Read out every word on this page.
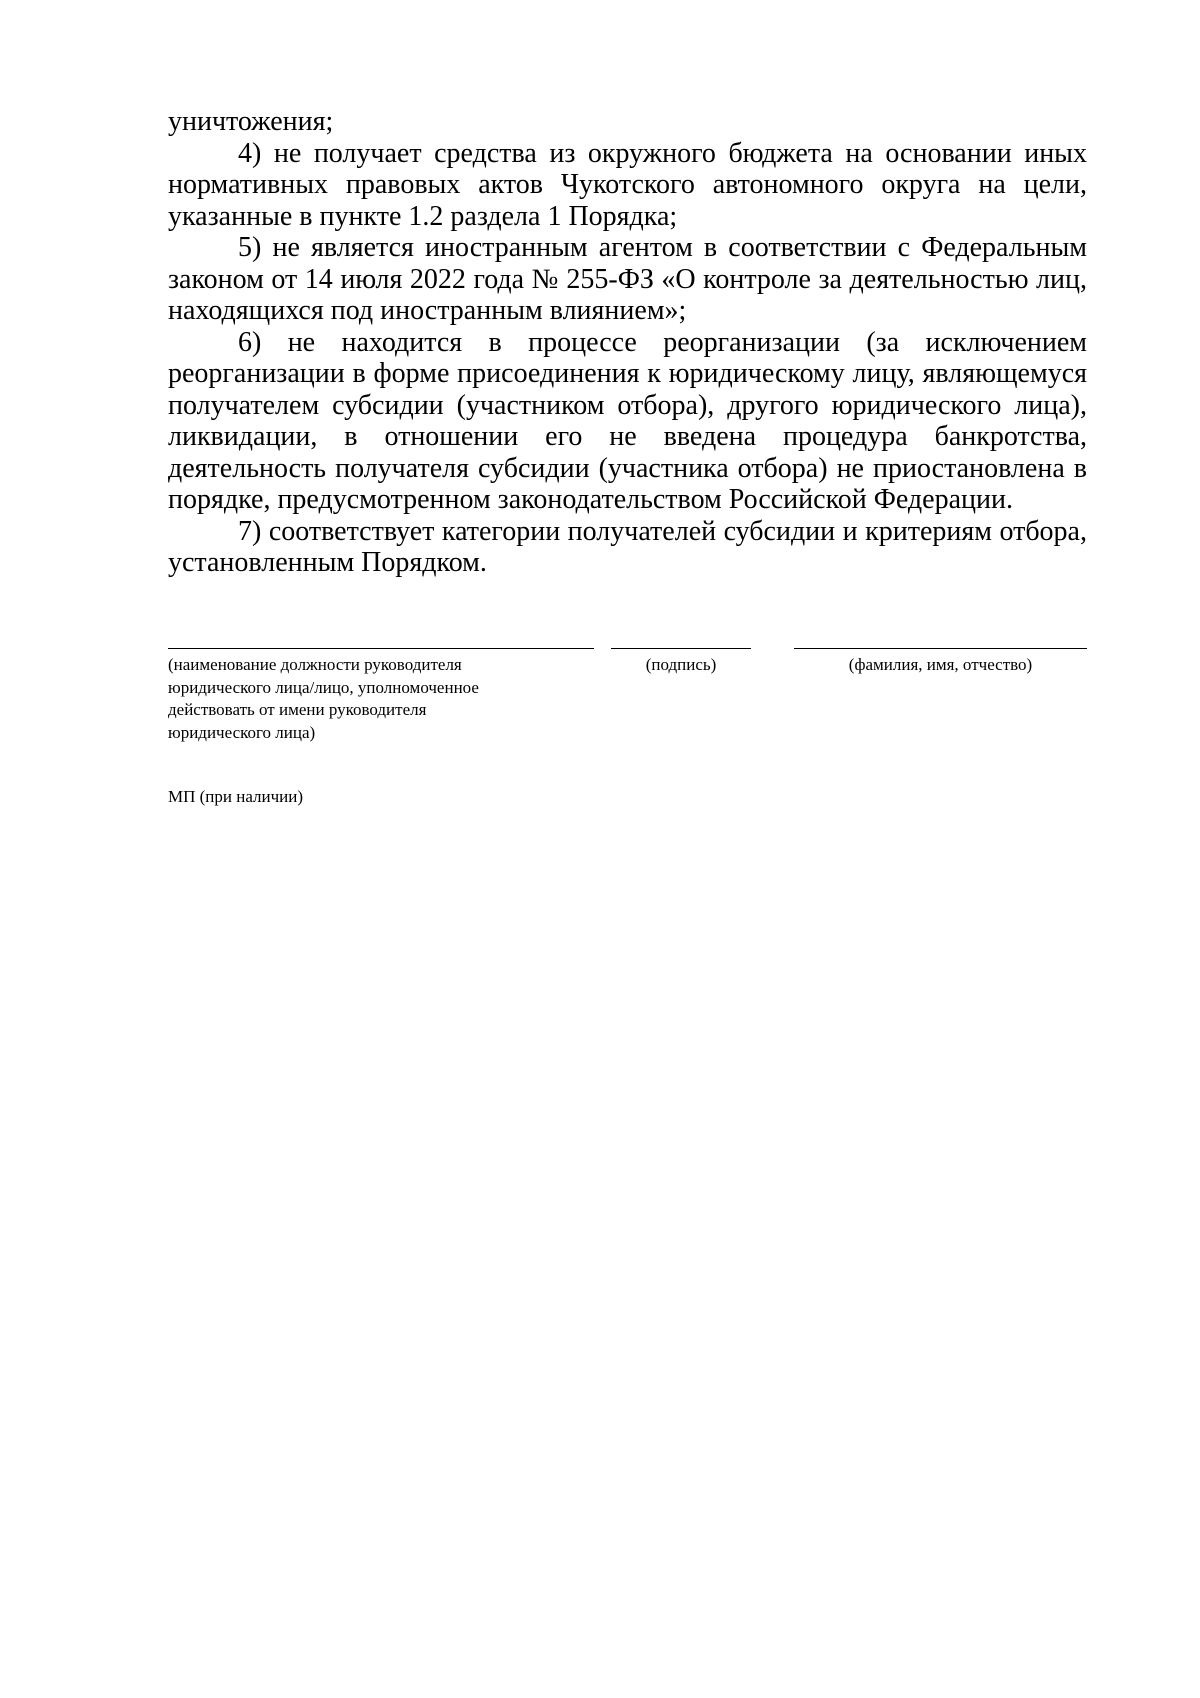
уничтожения;

4) не получает средства из окружного бюджета на основании иных нормативных правовых актов Чукотского автономного округа на цели, указанные в пункте 1.2 раздела 1 Порядка;

5) не является иностранным агентом в соответствии с Федеральным законом от 14 июля 2022 года № 255-ФЗ «О контроле за деятельностью лиц, находящихся под иностранным влиянием»;

6) не находится в процессе реорганизации (за исключением реорганизации в форме присоединения к юридическому лицу, являющемуся получателем субсидии (участником отбора), другого юридического лица), ликвидации, в отношении его не введена процедура банкротства, деятельность получателя субсидии (участника отбора) не приостановлена в порядке, предусмотренном законодательством Российской Федерации.

7) соответствует категории получателей субсидии и критериям отбора, установленным Порядком.

(наименование должности руководителя
юридического лица/лицо, уполномоченное
действовать от имени руководителя
юридического лица)
(подпись)	(фамилия, имя, отчество)
МП (при наличии)
